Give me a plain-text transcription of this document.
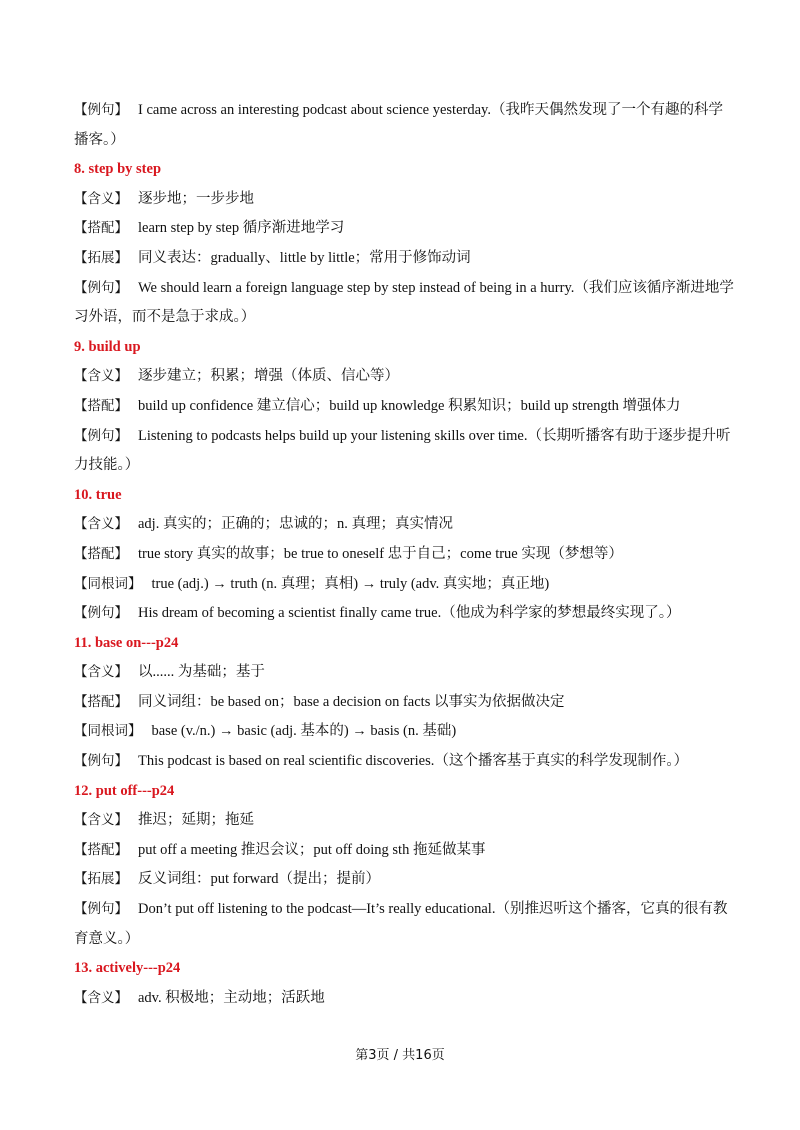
【例句】 I came across an interesting podcast about science yesterday.（我昨天偶然发现了一个有趣的科学播客。）
8. step by step
【含义】 逐步地；一步步地
【搭配】 learn step by step 循序渐进地学习
【拓展】 同义表达：gradually、little by little；常用于修饰动词
【例句】 We should learn a foreign language step by step instead of being in a hurry.（我们应该循序渐进地学习外语，而不是急于求成。）
9. build up
【含义】 逐步建立；积累；增强（体质、信心等）
【搭配】 build up confidence 建立信心；build up knowledge 积累知识；build up strength 增强体力
【例句】 Listening to podcasts helps build up your listening skills over time.（长期听播客有助于逐步提升听力技能。）
10. true
【含义】 adj. 真实的；正确的；忠诚的；n. 真理；真实情况
【搭配】 true story 真实的故事；be true to oneself 忠于自己；come true 实现（梦想等）
【同根词】 true (adj.) → truth (n. 真理；真相) → truly (adv. 真实地；真正地)
【例句】 His dream of becoming a scientist finally came true.（他成为科学家的梦想最终实现了。）
11. base on---p24
【含义】 以...... 为基础；基于
【搭配】 同义词组：be based on；base a decision on facts 以事实为依据做决定
【同根词】 base (v./n.) → basic (adj. 基本的) → basis (n. 基础)
【例句】 This podcast is based on real scientific discoveries.（这个播客基于真实的科学发现制作。）
12. put off---p24
【含义】 推迟；延期；拖延
【搭配】 put off a meeting 推迟会议；put off doing sth 拖延做某事
【拓展】 反义词组：put forward（提出；提前）
【例句】 Don’t put off listening to the podcast—It’s really educational.（别推迟听这个播客，它真的很有教育意义。）
13. actively---p24
【含义】 adv. 积极地；主动地；活跃地
第3页 / 共16页
